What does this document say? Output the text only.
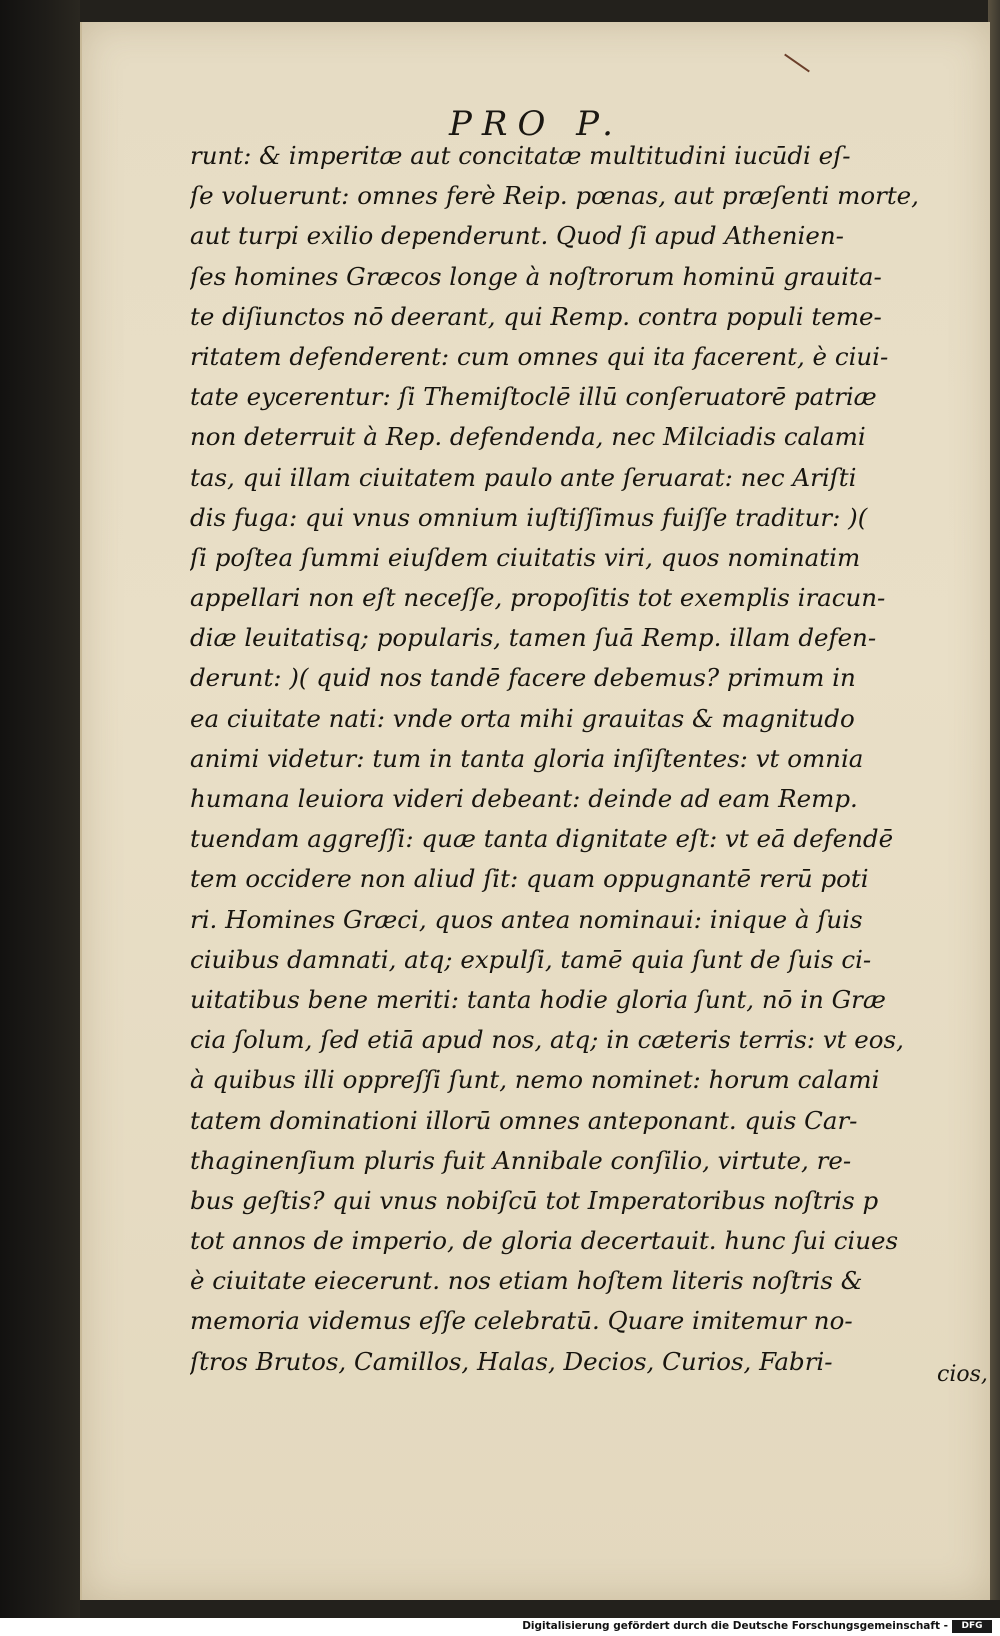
PRO P.
cios,
runt: & imperitæ aut concitatæ multitudini iucūdi eſ-
ſe voluerunt: omnes ferè Reip. pœnas, aut præſenti morte,
aut turpi exilio dependerunt. Quod ſi apud Athenien-
ſes homines Græcos longe à noſtrorum hominū grauita-
te diſiunctos nō deerant, qui Remp. contra populi teme-
ritatem defenderent: cum omnes qui ita facerent, è ciui-
tate eycerentur: ſi Themiſtoclē illū conſeruatorē patriæ
non deterruit à Rep. defendenda, nec Milciadis calami
tas, qui illam ciuitatem paulo ante ſeruarat: nec Ariſti
dis fuga: qui vnus omnium iuſtiſſimus fuiſſe traditur: )(
ſi poſtea ſummi eiuſdem ciuitatis viri, quos nominatim
appellari non eſt neceſſe, propoſitis tot exemplis iracun-
diæ leuitatisq; popularis, tamen ſuā Remp. illam defen-
derunt: )( quid nos tandē facere debemus? primum in
ea ciuitate nati: vnde orta mihi grauitas & magnitudo
animi videtur: tum in tanta gloria inſiſtentes: vt omnia
humana leuiora videri debeant: deinde ad eam Remp.
tuendam aggreſſi: quæ tanta dignitate eſt: vt eā defendē
tem occidere non aliud ſit: quam oppugnantē rerū poti
ri. Homines Græci, quos antea nominaui: inique à ſuis
ciuibus damnati, atq; expulſi, tamē quia ſunt de ſuis ci-
uitatibus bene meriti: tanta hodie gloria ſunt, nō in Græ
cia ſolum, ſed etiā apud nos, atq; in cæteris terris: vt eos,
à quibus illi oppreſſi ſunt, nemo nominet: horum calami
tatem dominationi illorū omnes anteponant. quis Car-
thaginenſium pluris fuit Annibale conſilio, virtute, re-
bus geſtis? qui vnus nobiſcū tot Imperatoribus noſtris p
tot annos de imperio, de gloria decertauit. hunc ſui ciues
è ciuitate eiecerunt. nos etiam hoſtem literis noſtris &
memoria videmus eſſe celebratū. Quare imitemur no-
ſtros Brutos, Camillos, Halas, Decios, Curios, Fabri-
Digitalisierung gefördert durch die Deutsche Forschungsgemeinschaft -	DFG
